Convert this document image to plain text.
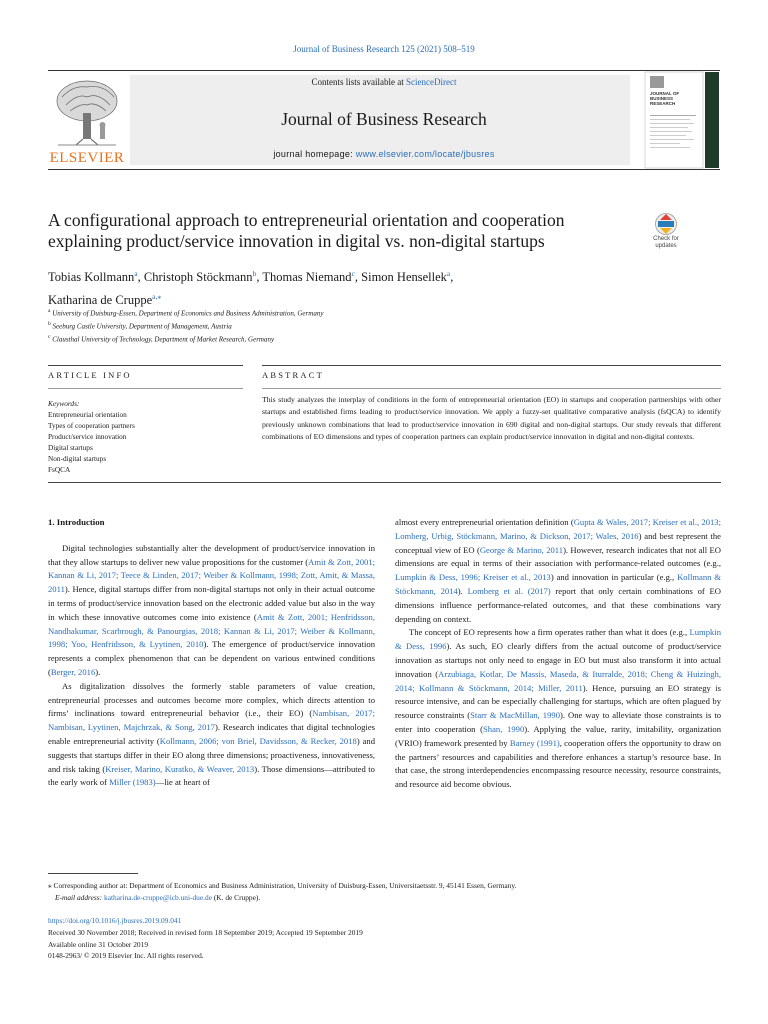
Journal of Business Research 125 (2021) 508–519
ELSEVIER
Contents lists available at ScienceDirect
Journal of Business Research
journal homepage: www.elsevier.com/locate/jbusres
JOURNAL OF BUSINESS RESEARCH
A configurational approach to entrepreneurial orientation and cooperation explaining product/service innovation in digital vs. non-digital startups	Check for updates
Tobias Kollmann$^a$, Christoph Stöckmann$^b$, Thomas Niemand$^c$, Simon Hensellek$^a$,
Katharina de Cruppe$^{a,⁎}$
$^a$ University of Duisburg-Essen, Department of Economics and Business Administration, Germany
$^b$ Seeburg Castle University, Department of Management, Austria
$^c$ Clausthal University of Technology, Department of Market Research, Germany
ARTICLE INFO	ABSTRACT
Keywords:
Entrepreneurial orientation
Types of cooperation partners
Product/service innovation
Digital startups
Non-digital startups
FsQCA
This study analyzes the interplay of conditions in the form of entrepreneurial orientation (EO) in startups and cooperation partnerships with other startups and established firms leading to product/service innovation. We apply a fuzzy-set qualitative comparative analysis (fsQCA) to identify previously unknown combinations that lead to product/service innovation in 690 digital and non-digital startups. Our study reveals that different combinations of EO dimensions and types of cooperation partners can explain product/service innovation in digital and non-digital contexts.
1. Introduction

Digital technologies substantially alter the development of product/service innovation in that they allow startups to deliver new value propositions for the customer (Amit & Zott, 2001; Kannan & Li, 2017; Teece & Linden, 2017; Weiber & Kollmann, 1998; Zott, Amit, & Massa, 2011). Hence, digital startups differ from non-digital startups not only in their actual outcome in terms of product/service innovation based on the electronic added value but also in the way in which these innovative outcomes come into existence (Amit & Zott, 2001; Henfridsson, Nandhakumar, Scarbrough, & Panourgias, 2018; Kannan & Li, 2017; Weiber & Kollmann, 1998; Yoo, Henfridsson, & Lyytinen, 2010). The emergence of product/service innovation represents a complex phenomenon that can be dependent on various entwined conditions (Berger, 2016).

As digitalization dissolves the formerly stable parameters of value creation, entrepreneurial processes and outcomes become more complex, which directs attention to firms’ inclinations toward entrepreneurial behavior (i.e., their EO) (Nambisan, 2017; Nambisan, Lyytinen, Majchrzak, & Song, 2017). Research indicates that digital technologies enable entrepreneurial activity (Kollmann, 2006; von Briel, Davidsson, & Recker, 2018) and suggests that startups differ in their EO along three dimensions; proactiveness, innovativeness, and risk taking (Kreiser, Marino, Kuratko, & Weaver, 2013). Those dimensions—attributed to the early work of Miller (1983)—lie at heart of

almost every entrepreneurial orientation definition (Gupta & Wales, 2017; Kreiser et al., 2013; Lomberg, Urbig, Stöckmann, Marino, & Dickson, 2017; Wales, 2016) and best represent the conceptual view of EO (George & Marino, 2011). However, research indicates that not all EO dimensions are equal in terms of their association with performance-related outcomes (e.g., Lumpkin & Dess, 1996; Kreiser et al., 2013) and innovation in particular (e.g., Kollmann & Stöckmann, 2014). Lomberg et al. (2017) report that only certain combinations of EO dimensions influence performance-related outcomes, and that these combinations vary depending on context.

The concept of EO represents how a firm operates rather than what it does (e.g., Lumpkin & Dess, 1996). As such, EO clearly differs from the actual outcome of product/service innovation as startups not only need to engage in EO but must also transform it into actual innovation (Arzubiaga, Kotlar, De Massis, Maseda, & Iturralde, 2018; Cheng & Huizingh, 2014; Kollmann & Stöckmann, 2014; Miller, 2011). Hence, pursuing an EO strategy is resource intensive, and can be especially challenging for startups, which are often plagued by resource constraints (Starr & MacMillan, 1990). One way to alleviate those constraints is to enter into cooperation (Shan, 1990). Applying the value, rarity, imitability, organization (VRIO) framework presented by Barney (1991), cooperation offers the opportunity to draw on the partners’ resources and capabilities and therefore enhances a startup’s resource base. In that case, the strong interdependencies encompassing resource necessity, resource constraints, and resource aid become obvious.

⁎ Corresponding author at: Department of Economics and Business Administration, University of Duisburg-Essen, Universitaetsstr. 9, 45141 Essen, Germany.
E-mail address: katharina.de-cruppe@icb.uni-due.de (K. de Cruppe).
https://doi.org/10.1016/j.jbusres.2019.09.041
Received 30 November 2018; Received in revised form 18 September 2019; Accepted 19 September 2019
Available online 31 October 2019
0148-2963/ © 2019 Elsevier Inc. All rights reserved.
